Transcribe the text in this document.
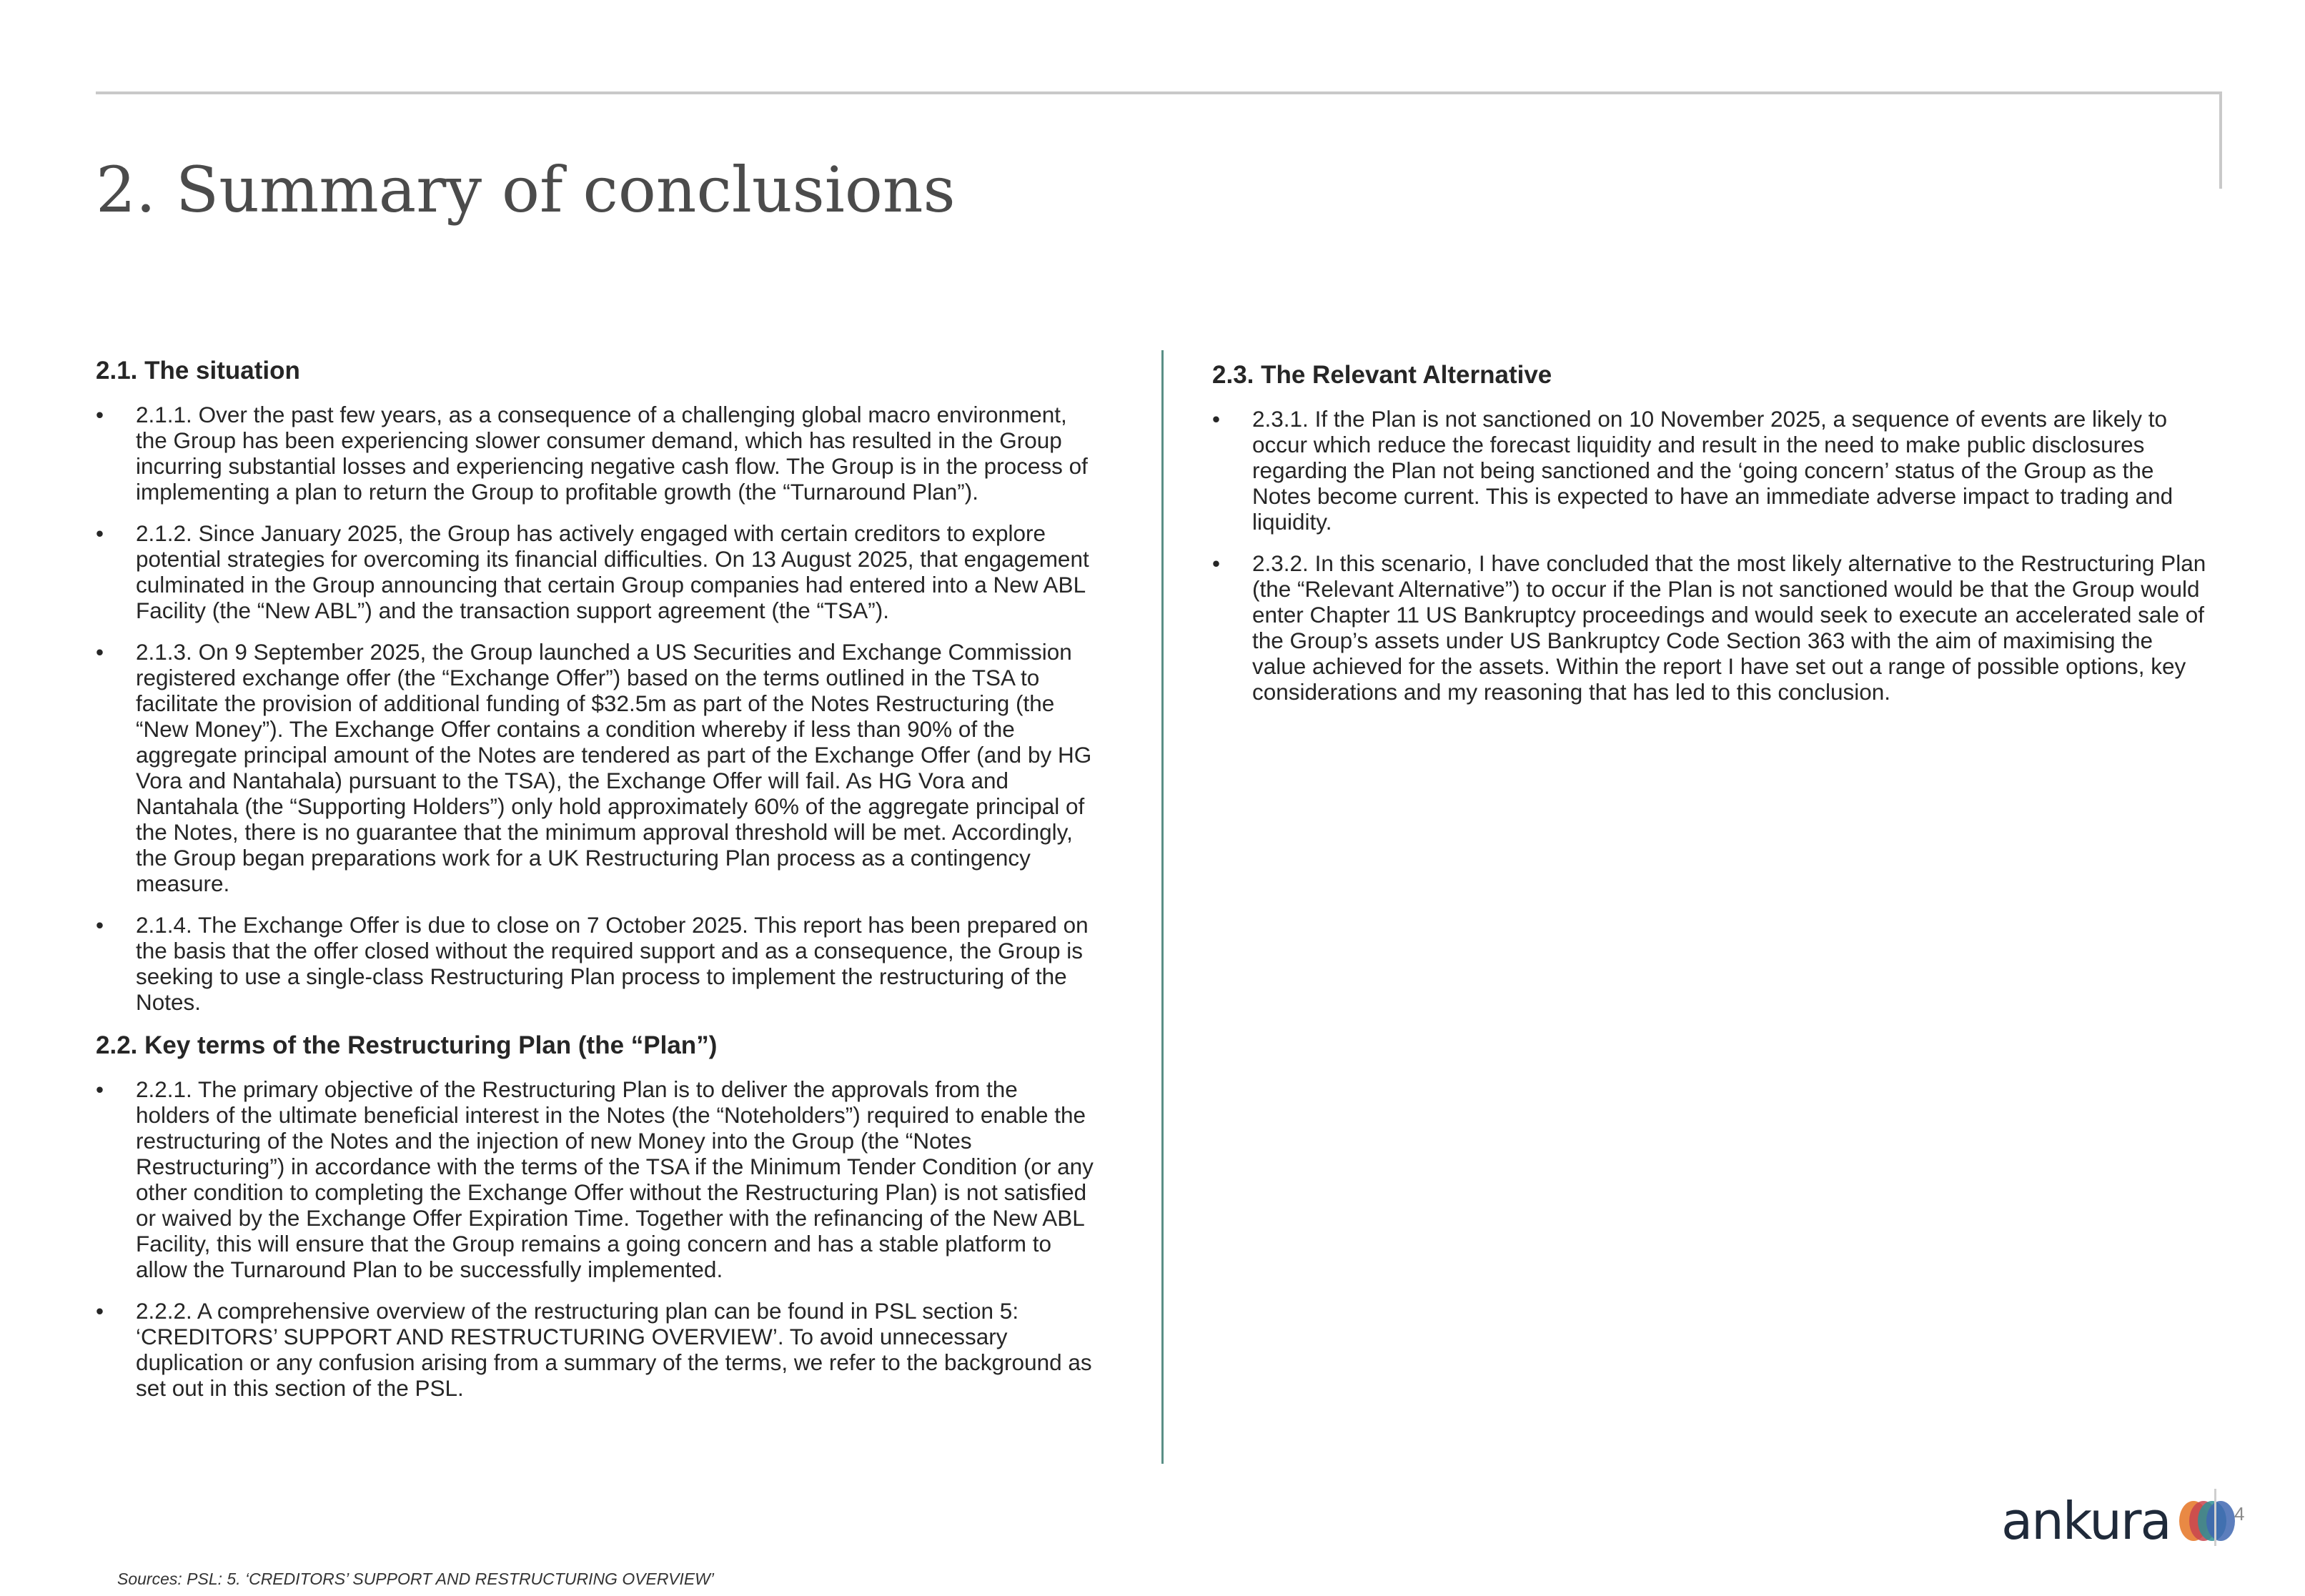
2. Summary of conclusions
2.1. The situation
•	2.1.1. Over the past few years, as a consequence of a challenging global macro environment, the Group has been experiencing slower consumer demand, which has resulted in the Group incurring substantial losses and experiencing negative cash flow. The Group is in the process of implementing a plan to return the Group to profitable growth (the “Turnaround Plan”).
•	2.1.2. Since January 2025, the Group has actively engaged with certain creditors to explore potential strategies for overcoming its financial difficulties. On 13 August 2025, that engagement culminated in the Group announcing that certain Group companies had entered into a New ABL Facility (the “New ABL”) and the transaction support agreement (the “TSA”).
•	2.1.3. On 9 September 2025, the Group launched a US Securities and Exchange Commission registered exchange offer (the “Exchange Offer”) based on the terms outlined in the TSA to facilitate the provision of additional funding of $32.5m as part of the Notes Restructuring (the “New Money”). The Exchange Offer contains a condition whereby if less than 90% of the aggregate principal amount of the Notes are tendered as part of the Exchange Offer (and by HG Vora and Nantahala) pursuant to the TSA), the Exchange Offer will fail. As HG Vora and Nantahala (the “Supporting Holders”) only hold approximately 60% of the aggregate principal of the Notes, there is no guarantee that the minimum approval threshold will be met. Accordingly, the Group began preparations work for a UK Restructuring Plan process as a contingency measure.
•	2.1.4. The Exchange Offer is due to close on 7 October 2025. This report has been prepared on the basis that the offer closed without the required support and as a consequence, the Group is seeking to use a single-class Restructuring Plan process to implement the restructuring of the Notes.
2.2. Key terms of the Restructuring Plan (the “Plan”)
•	2.2.1. The primary objective of the Restructuring Plan is to deliver the approvals from the holders of the ultimate beneficial interest in the Notes (the “Noteholders”) required to enable the restructuring of the Notes and the injection of new Money into the Group (the “Notes Restructuring”) in accordance with the terms of the TSA if the Minimum Tender Condition (or any other condition to completing the Exchange Offer without the Restructuring Plan) is not satisfied or waived by the Exchange Offer Expiration Time. Together with the refinancing of the New ABL Facility, this will ensure that the Group remains a going concern and has a stable platform to allow the Turnaround Plan to be successfully implemented.
•	2.2.2. A comprehensive overview of the restructuring plan can be found in PSL section 5: ‘CREDITORS’ SUPPORT AND RESTRUCTURING OVERVIEW’. To avoid unnecessary duplication or any confusion arising from a summary of the terms, we refer to the background as set out in this section of the PSL.
2.3. The Relevant Alternative
•	2.3.1. If the Plan is not sanctioned on 10 November 2025, a sequence of events are likely to occur which reduce the forecast liquidity and result in the need to make public disclosures regarding the Plan not being sanctioned and the ‘going concern’ status of the Group as the Notes become current. This is expected to have an immediate adverse impact to trading and liquidity.
•	2.3.2. In this scenario, I have concluded that the most likely alternative to the Restructuring Plan (the “Relevant Alternative”) to occur if the Plan is not sanctioned would be that the Group would enter Chapter 11 US Bankruptcy proceedings and would seek to execute an accelerated sale of the Group’s assets under US Bankruptcy Code Section 363 with the aim of maximising the value achieved for the assets. Within the report I have set out a range of possible options, key considerations and my reasoning that has led to this conclusion.
ankura	4
Sources: PSL: 5. ‘CREDITORS’ SUPPORT AND RESTRUCTURING OVERVIEW’
